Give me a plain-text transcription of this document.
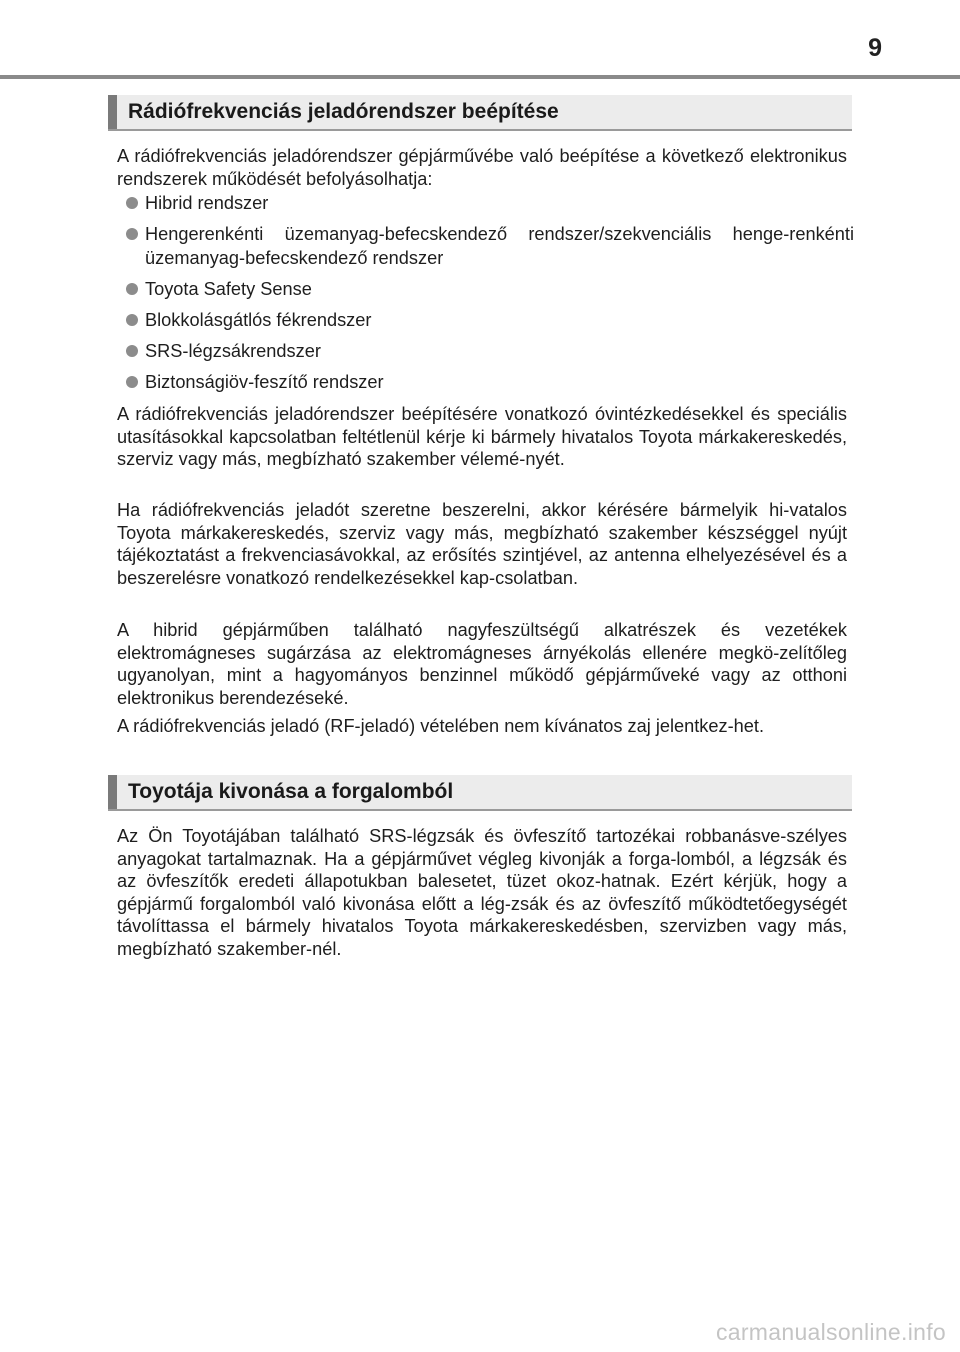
9
Rádiófrekvenciás jeladórendszer beépítése

A rádiófrekvenciás jeladórendszer gépjárművébe való beépítése a következő elektronikus rendszerek működését befolyásolhatja:

Hibrid rendszer
Hengerenkénti üzemanyag-befecskendező rendszer/szekvenciális henge-renkénti üzemanyag-befecskendező rendszer
Toyota Safety Sense
Blokkolásgátlós fékrendszer
SRS-légzsákrendszer
Biztonságiöv-feszítő rendszer

A rádiófrekvenciás jeladórendszer beépítésére vonatkozó óvintézkedésekkel és speciális utasításokkal kapcsolatban feltétlenül kérje ki bármely hivatalos Toyota márkakereskedés, szerviz vagy más, megbízható szakember vélemé-nyét.

Ha rádiófrekvenciás jeladót szeretne beszerelni, akkor kérésére bármelyik hi-vatalos Toyota márkakereskedés, szerviz vagy más, megbízható szakember készséggel nyújt tájékoztatást a frekvenciasávokkal, az erősítés szintjével, az antenna elhelyezésével és a beszerelésre vonatkozó rendelkezésekkel kap-csolatban.

A hibrid gépjárműben található nagyfeszültségű alkatrészek és vezetékek elektromágneses sugárzása az elektromágneses árnyékolás ellenére megkö-zelítőleg ugyanolyan, mint a hagyományos benzinnel működő gépjárműveké vagy az otthoni elektronikus berendezéseké.

A rádiófrekvenciás jeladó (RF-jeladó) vételében nem kívánatos zaj jelentkez-het.

Toyotája kivonása a forgalomból

Az Ön Toyotájában található SRS-légzsák és övfeszítő tartozékai robbanásve-szélyes anyagokat tartalmaznak. Ha a gépjárművet végleg kivonják a forga-lomból, a légzsák és az övfeszítők eredeti állapotukban balesetet, tüzet okoz-hatnak. Ezért kérjük, hogy a gépjármű forgalomból való kivonása előtt a lég-zsák és az övfeszítő működtetőegységét távolíttassa el bármely hivatalos Toyota márkakereskedésben, szervizben vagy más, megbízható szakember-nél.

carmanualsonline.info
